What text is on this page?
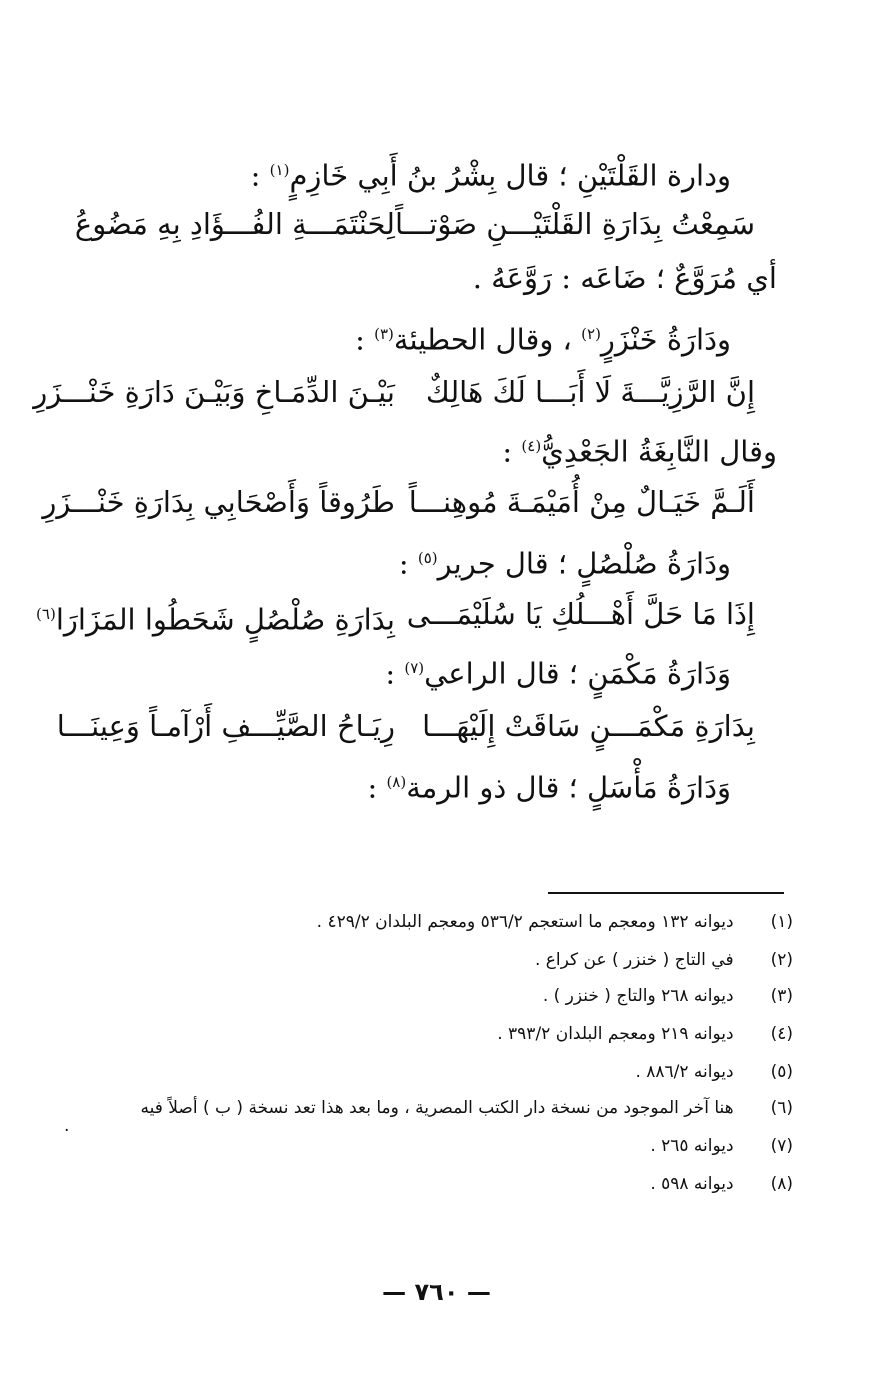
ودارة القَلْتَيْنِ ؛ قال بِشْرُ بنُ أَبِي خَازِمٍ$^{(١)}$ :
سَمِعْتُ بِدَارَةِ القَلْتَيْـــنِ صَوْتـــاً
لِحَنْتَمَـــةِ الفُـــؤَادِ بِهِ مَضُوعُ
أي مُرَوَّعٌ ؛ ضَاعَه : رَوَّعَهُ .
ودَارَةُ خَنْزَرٍ$^{(٢)}$ ، وقال الحطيئة$^{(٣)}$ :
إِنَّ الرَّزِيَّـــةَ لَا أَبَـــا لَكَ هَالِكٌ
بَيْـنَ الدِّمَـاخِ وَبَيْـنَ دَارَةِ خَنْـــزَرِ
وقال النَّابِغَةُ الجَعْدِيُّ$^{(٤)}$ :
أَلَـمَّ خَيَـالٌ مِنْ أُمَيْمَـةَ مُوهِنـــاً
طَرُوقاً وَأَصْحَابِي بِدَارَةِ خَنْـــزَرِ
ودَارَةُ صُلْصُلٍ ؛ قال جرير$^{(٥)}$ :
إِذَا مَا حَلَّ أَهْـــلُكِ يَا سُلَيْمَـــى
بِدَارَةِ صُلْصُلٍ شَحَطُوا المَزَارَا$^{(٦)}$
وَدَارَةُ مَكْمَنٍ ؛ قال الراعي$^{(٧)}$ :
بِدَارَةِ مَكْمَـــنٍ سَاقَتْ إِلَيْهَـــا
رِيَـاحُ الصَّيِّـــفِ أَرْآمـاً وَعِينَـــا
وَدَارَةُ مَأْسَلٍ ؛ قال ذو الرمة$^{(٨)}$ :
(١) ديوانه ١٣٢ ومعجم ما استعجم ٥٣٦/٢ ومعجم البلدان ٤٢٩/٢ .
(٢) في التاج ( خنزر ) عن كراع .
(٣) ديوانه ٢٦٨ والتاج ( خنزر ) .
(٤) ديوانه ٢١٩ ومعجم البلدان ٣٩٣/٢ .
(٥) ديوانه ٨٨٦/٢ .
(٦) هنا آخر الموجود من نسخة دار الكتب المصرية ، وما بعد هذا تعد نسخة ( ب ) أصلاً فيه
.
(٧) ديوانه ٢٦٥ .
(٨) ديوانه ٥٩٨ .
— ٧٦٠ —
